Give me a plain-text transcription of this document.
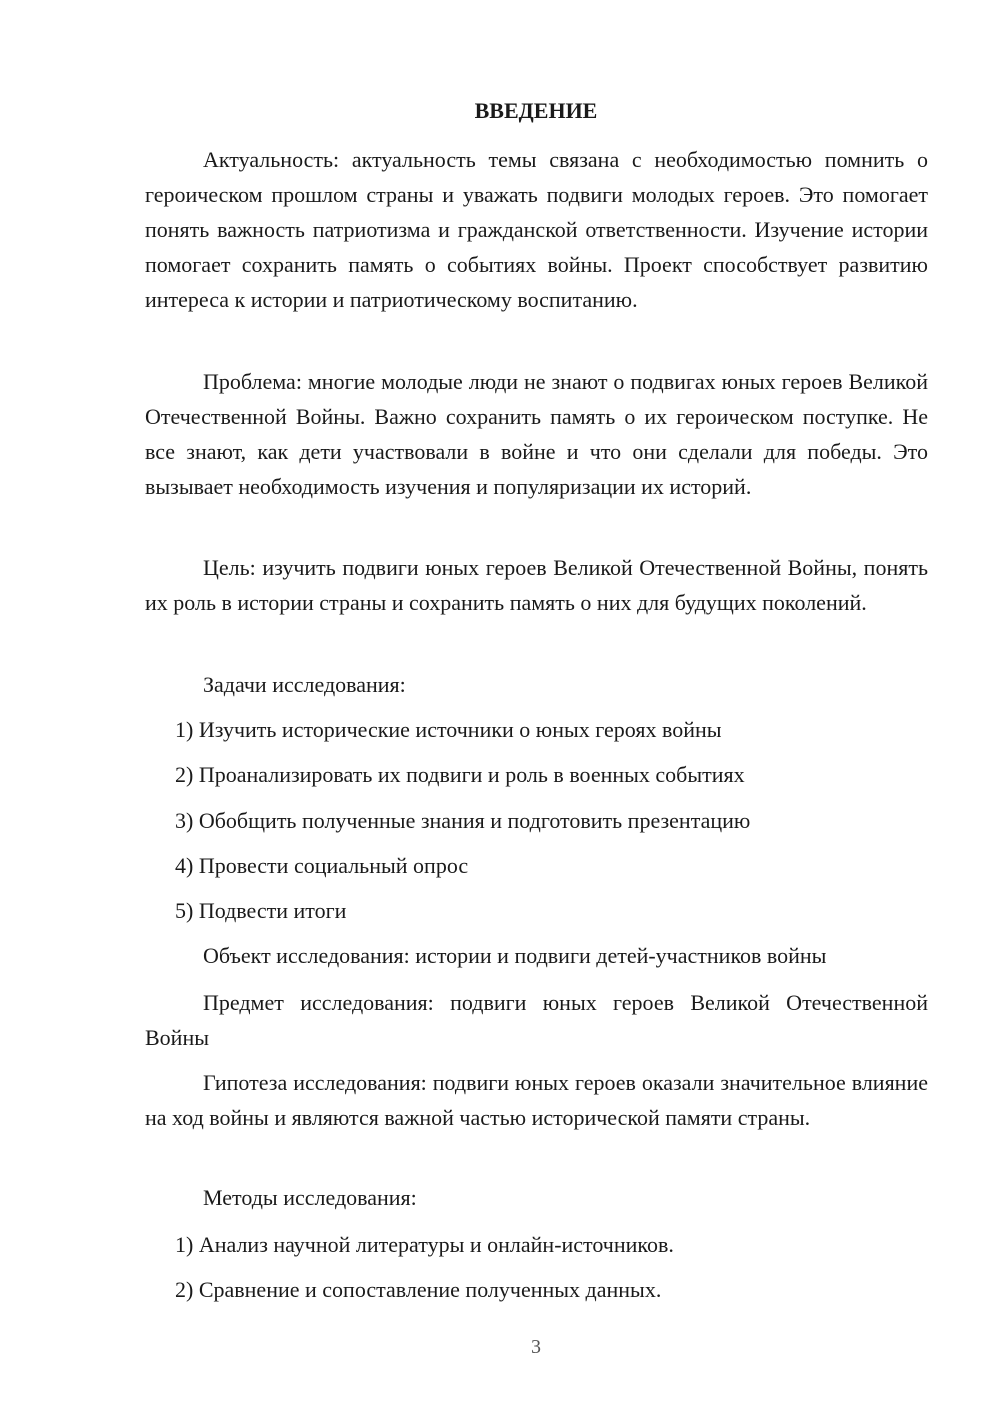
ВВЕДЕНИЕ

Актуальность: актуальность темы связана с необходимостью помнить о героическом прошлом страны и уважать подвиги молодых героев. Это помогает понять важность патриотизма и гражданской ответственности. Изучение истории помогает сохранить память о событиях войны. Проект способствует развитию интереса к истории и патриотическому воспитанию.

Проблема: многие молодые люди не знают о подвигах юных героев Великой Отечественной Войны. Важно сохранить память о их героическом поступке. Не все знают, как дети участвовали в войне и что они сделали для победы. Это вызывает необходимость изучения и популяризации их историй.

Цель: изучить подвиги юных героев Великой Отечественной Войны, понять их роль в истории страны и сохранить память о них для будущих поколений.

Задачи исследования:

1) Изучить исторические источники о юных героях войны

2) Проанализировать их подвиги и роль в военных событиях

3) Обобщить полученные знания и подготовить презентацию

4) Провести социальный опрос

5) Подвести итоги

Объект исследования: истории и подвиги детей-участников войны

Предмет исследования: подвиги юных героев Великой Отечественной Войны

Гипотеза исследования: подвиги юных героев оказали значительное влияние на ход войны и являются важной частью исторической памяти страны.

Методы исследования:

1) Анализ научной литературы и онлайн-источников.

2) Сравнение и сопоставление полученных данных.

3
